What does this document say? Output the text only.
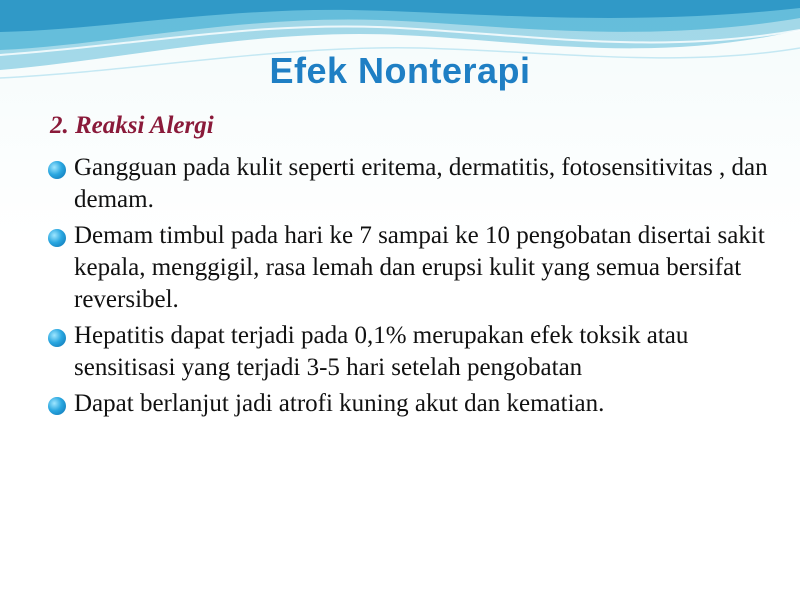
Efek Nonterapi
2. Reaksi Alergi
Gangguan pada kulit seperti eritema, dermatitis, fotosensitivitas , dan demam.
Demam timbul pada hari ke 7 sampai ke 10 pengobatan disertai sakit kepala, menggigil, rasa lemah dan erupsi kulit yang semua bersifat reversibel.
Hepatitis dapat terjadi pada 0,1% merupakan efek toksik atau sensitisasi yang terjadi 3-5 hari setelah pengobatan
Dapat berlanjut jadi atrofi kuning akut dan kematian.
